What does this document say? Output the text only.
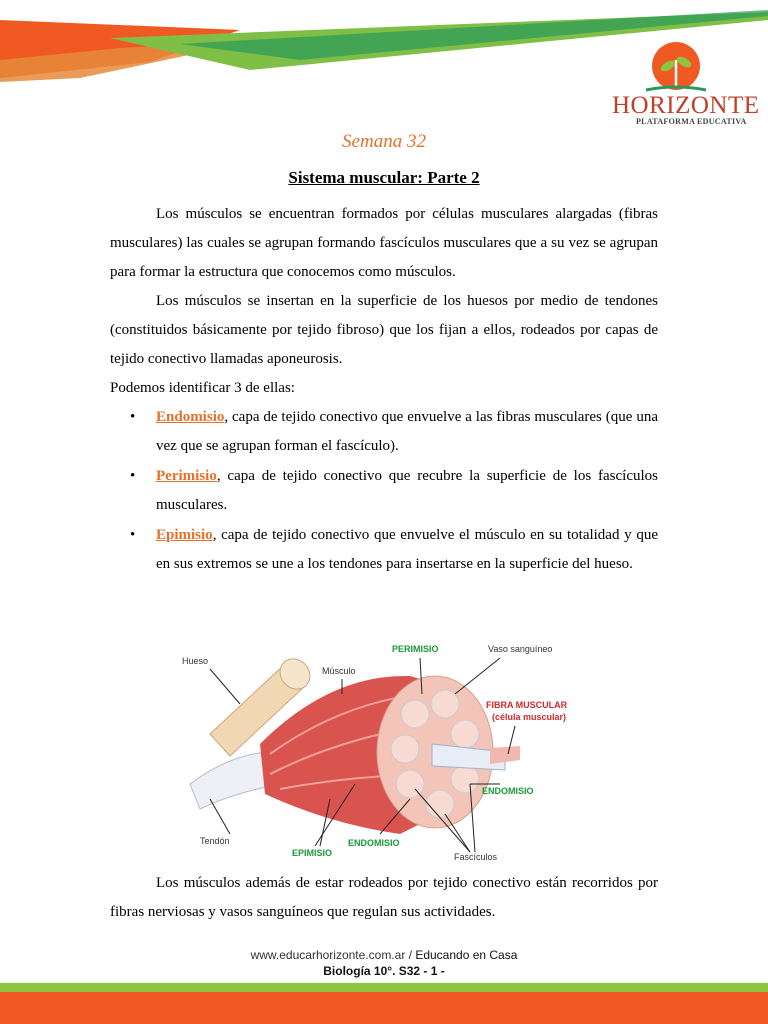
HORIZONTE
PLATAFORMA EDUCATIVA
Semana 32
Sistema muscular: Parte 2
Los músculos se encuentran formados por células musculares alargadas (fibras musculares) las cuales se agrupan formando fascículos musculares que a su vez se agrupan para formar la estructura que conocemos como músculos.
Los músculos se insertan en la superficie de los huesos por medio de tendones (constituidos básicamente por tejido fibroso) que los fijan a ellos, rodeados por capas de tejido conectivo llamadas aponeurosis.
Podemos identificar 3 de ellas:
• Endomisio, capa de tejido conectivo que envuelve a las fibras musculares (que una vez que se agrupan forman el fascículo).
• Perimisio, capa de tejido conectivo que recubre la superficie de los fascículos musculares.
• Epimisio, capa de tejido conectivo que envuelve el músculo en su totalidad y que en sus extremos se une a los tendones para insertarse en la superficie del hueso.
Hueso
Músculo
PERIMISIO	Vaso sanguíneo
FIBRA MUSCULAR
(célula muscular)
ENDOMISIO
Tendón
EPIMISIO
ENDOMISIO
Fascículos
Los músculos además de estar rodeados por tejido conectivo están recorridos por fibras nerviosas y vasos sanguíneos que regulan sus actividades.
www.educarhorizonte.com.ar / Educando en Casa
Biología 10°. S32 - 1 -
